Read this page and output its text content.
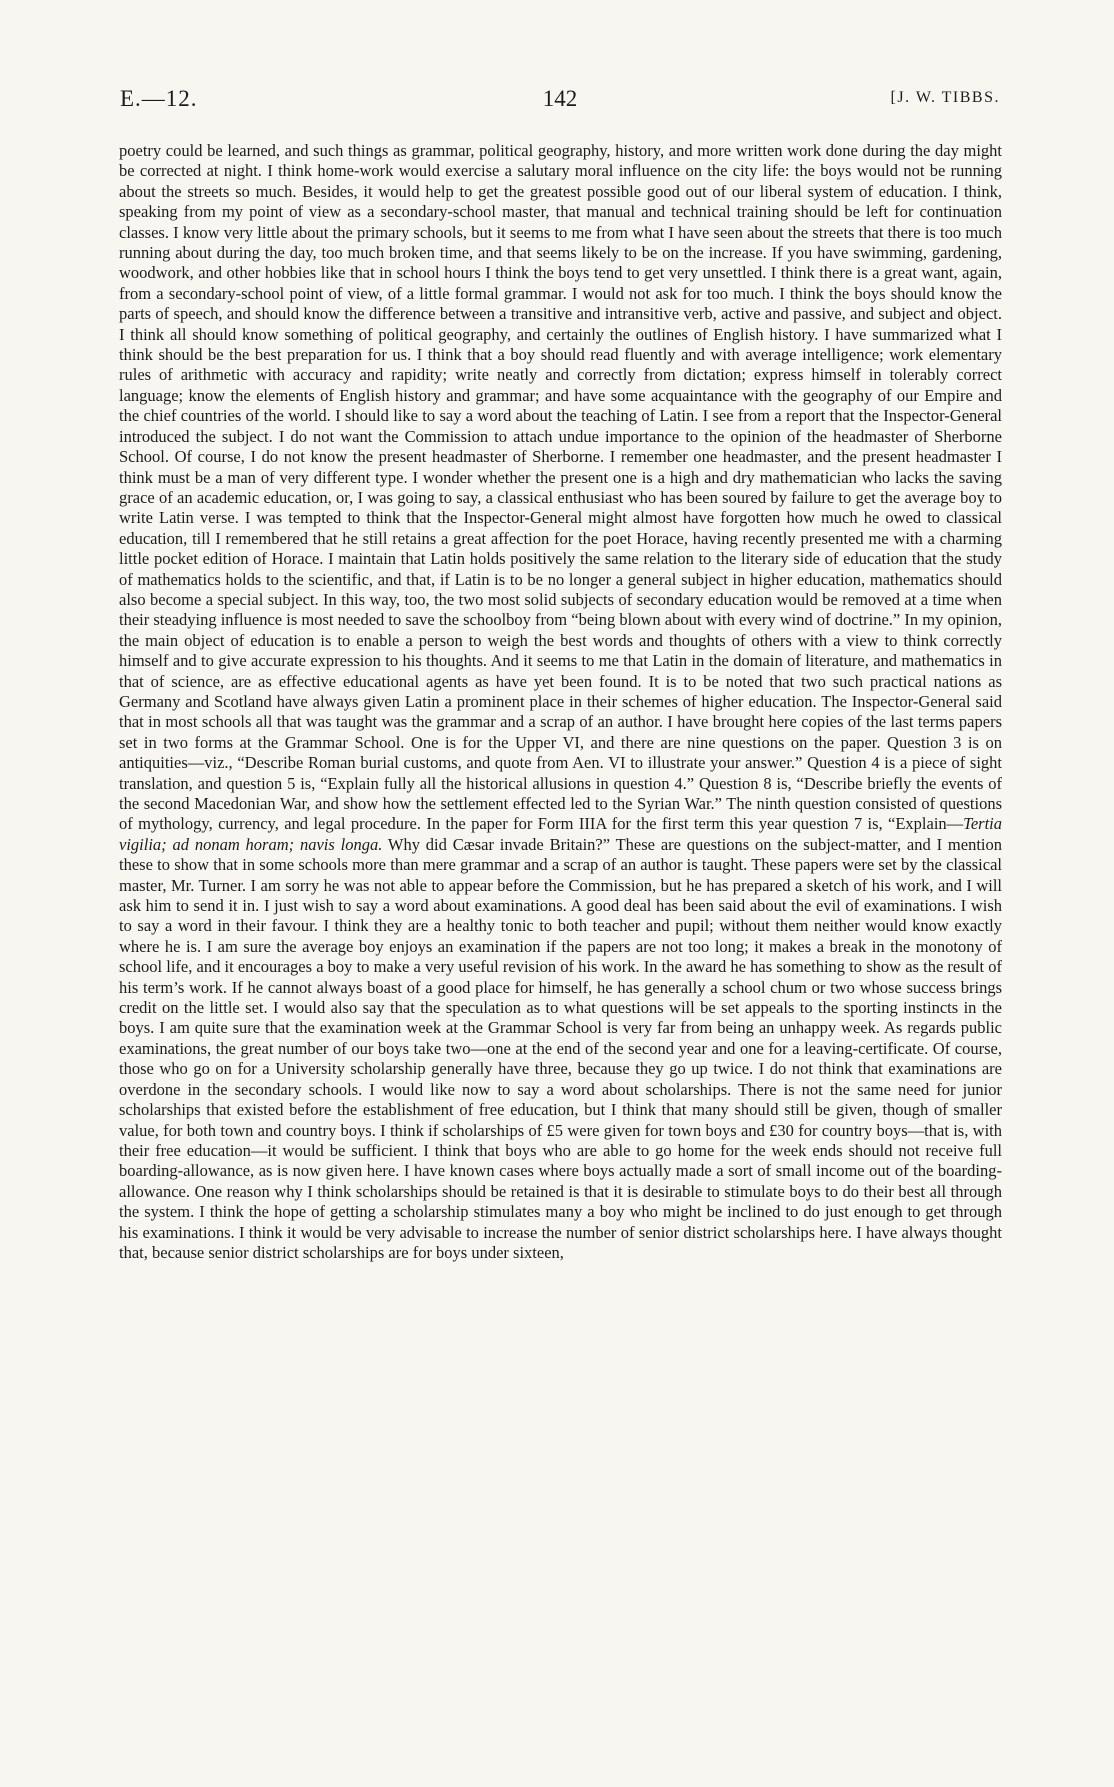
E.—12.	142	[J. W. TIBBS.
poetry could be learned, and such things as grammar, political geography, history, and more written work done during the day might be corrected at night. I think home-work would exercise a salutary moral influence on the city life: the boys would not be running about the streets so much. Besides, it would help to get the greatest possible good out of our liberal system of education. I think, speaking from my point of view as a secondary-school master, that manual and technical training should be left for continuation classes. I know very little about the primary schools, but it seems to me from what I have seen about the streets that there is too much running about during the day, too much broken time, and that seems likely to be on the increase. If you have swimming, gardening, woodwork, and other hobbies like that in school hours I think the boys tend to get very unsettled. I think there is a great want, again, from a secondary-school point of view, of a little formal grammar. I would not ask for too much. I think the boys should know the parts of speech, and should know the difference between a transitive and intransitive verb, active and passive, and subject and object. I think all should know something of political geography, and certainly the outlines of English history. I have summarized what I think should be the best preparation for us. I think that a boy should read fluently and with average intelligence; work elementary rules of arithmetic with accuracy and rapidity; write neatly and correctly from dictation; express himself in tolerably correct language; know the elements of English history and grammar; and have some acquaintance with the geography of our Empire and the chief countries of the world. I should like to say a word about the teaching of Latin. I see from a report that the Inspector-General introduced the subject. I do not want the Commission to attach undue importance to the opinion of the headmaster of Sherborne School. Of course, I do not know the present headmaster of Sherborne. I remember one headmaster, and the present headmaster I think must be a man of very different type. I wonder whether the present one is a high and dry mathematician who lacks the saving grace of an academic education, or, I was going to say, a classical enthusiast who has been soured by failure to get the average boy to write Latin verse. I was tempted to think that the Inspector-General might almost have forgotten how much he owed to classical education, till I remembered that he still retains a great affection for the poet Horace, having recently presented me with a charming little pocket edition of Horace. I maintain that Latin holds positively the same relation to the literary side of education that the study of mathematics holds to the scientific, and that, if Latin is to be no longer a general subject in higher education, mathematics should also become a special subject. In this way, too, the two most solid subjects of secondary education would be removed at a time when their steadying influence is most needed to save the schoolboy from “being blown about with every wind of doctrine.” In my opinion, the main object of education is to enable a person to weigh the best words and thoughts of others with a view to think correctly himself and to give accurate expression to his thoughts. And it seems to me that Latin in the domain of literature, and mathematics in that of science, are as effective educational agents as have yet been found. It is to be noted that two such practical nations as Germany and Scotland have always given Latin a prominent place in their schemes of higher education. The Inspector-General said that in most schools all that was taught was the grammar and a scrap of an author. I have brought here copies of the last terms papers set in two forms at the Grammar School. One is for the Upper VI, and there are nine questions on the paper. Question 3 is on antiquities—viz., “Describe Roman burial customs, and quote from Aen. VI to illustrate your answer.” Question 4 is a piece of sight translation, and question 5 is, “Explain fully all the historical allusions in question 4.” Question 8 is, “Describe briefly the events of the second Macedonian War, and show how the settlement effected led to the Syrian War.” The ninth question consisted of questions of mythology, currency, and legal procedure. In the paper for Form IIIA for the first term this year question 7 is, “Explain—Tertia vigilia; ad nonam horam; navis longa. Why did Cæsar invade Britain?” These are questions on the subject-matter, and I mention these to show that in some schools more than mere grammar and a scrap of an author is taught. These papers were set by the classical master, Mr. Turner. I am sorry he was not able to appear before the Commission, but he has prepared a sketch of his work, and I will ask him to send it in. I just wish to say a word about examinations. A good deal has been said about the evil of examinations. I wish to say a word in their favour. I think they are a healthy tonic to both teacher and pupil; without them neither would know exactly where he is. I am sure the average boy enjoys an examination if the papers are not too long; it makes a break in the monotony of school life, and it encourages a boy to make a very useful revision of his work. In the award he has something to show as the result of his term’s work. If he cannot always boast of a good place for himself, he has generally a school chum or two whose success brings credit on the little set. I would also say that the speculation as to what questions will be set appeals to the sporting instincts in the boys. I am quite sure that the examination week at the Grammar School is very far from being an unhappy week. As regards public examinations, the great number of our boys take two—one at the end of the second year and one for a leaving-certificate. Of course, those who go on for a University scholarship generally have three, because they go up twice. I do not think that examinations are overdone in the secondary schools. I would like now to say a word about scholarships. There is not the same need for junior scholarships that existed before the establishment of free education, but I think that many should still be given, though of smaller value, for both town and country boys. I think if scholarships of £5 were given for town boys and £30 for country boys—that is, with their free education—it would be sufficient. I think that boys who are able to go home for the week ends should not receive full boarding-allowance, as is now given here. I have known cases where boys actually made a sort of small income out of the boarding-allowance. One reason why I think scholarships should be retained is that it is desirable to stimulate boys to do their best all through the system. I think the hope of getting a scholarship stimulates many a boy who might be inclined to do just enough to get through his examinations. I think it would be very advisable to increase the number of senior district scholarships here. I have always thought that, because senior district scholarships are for boys under sixteen,
